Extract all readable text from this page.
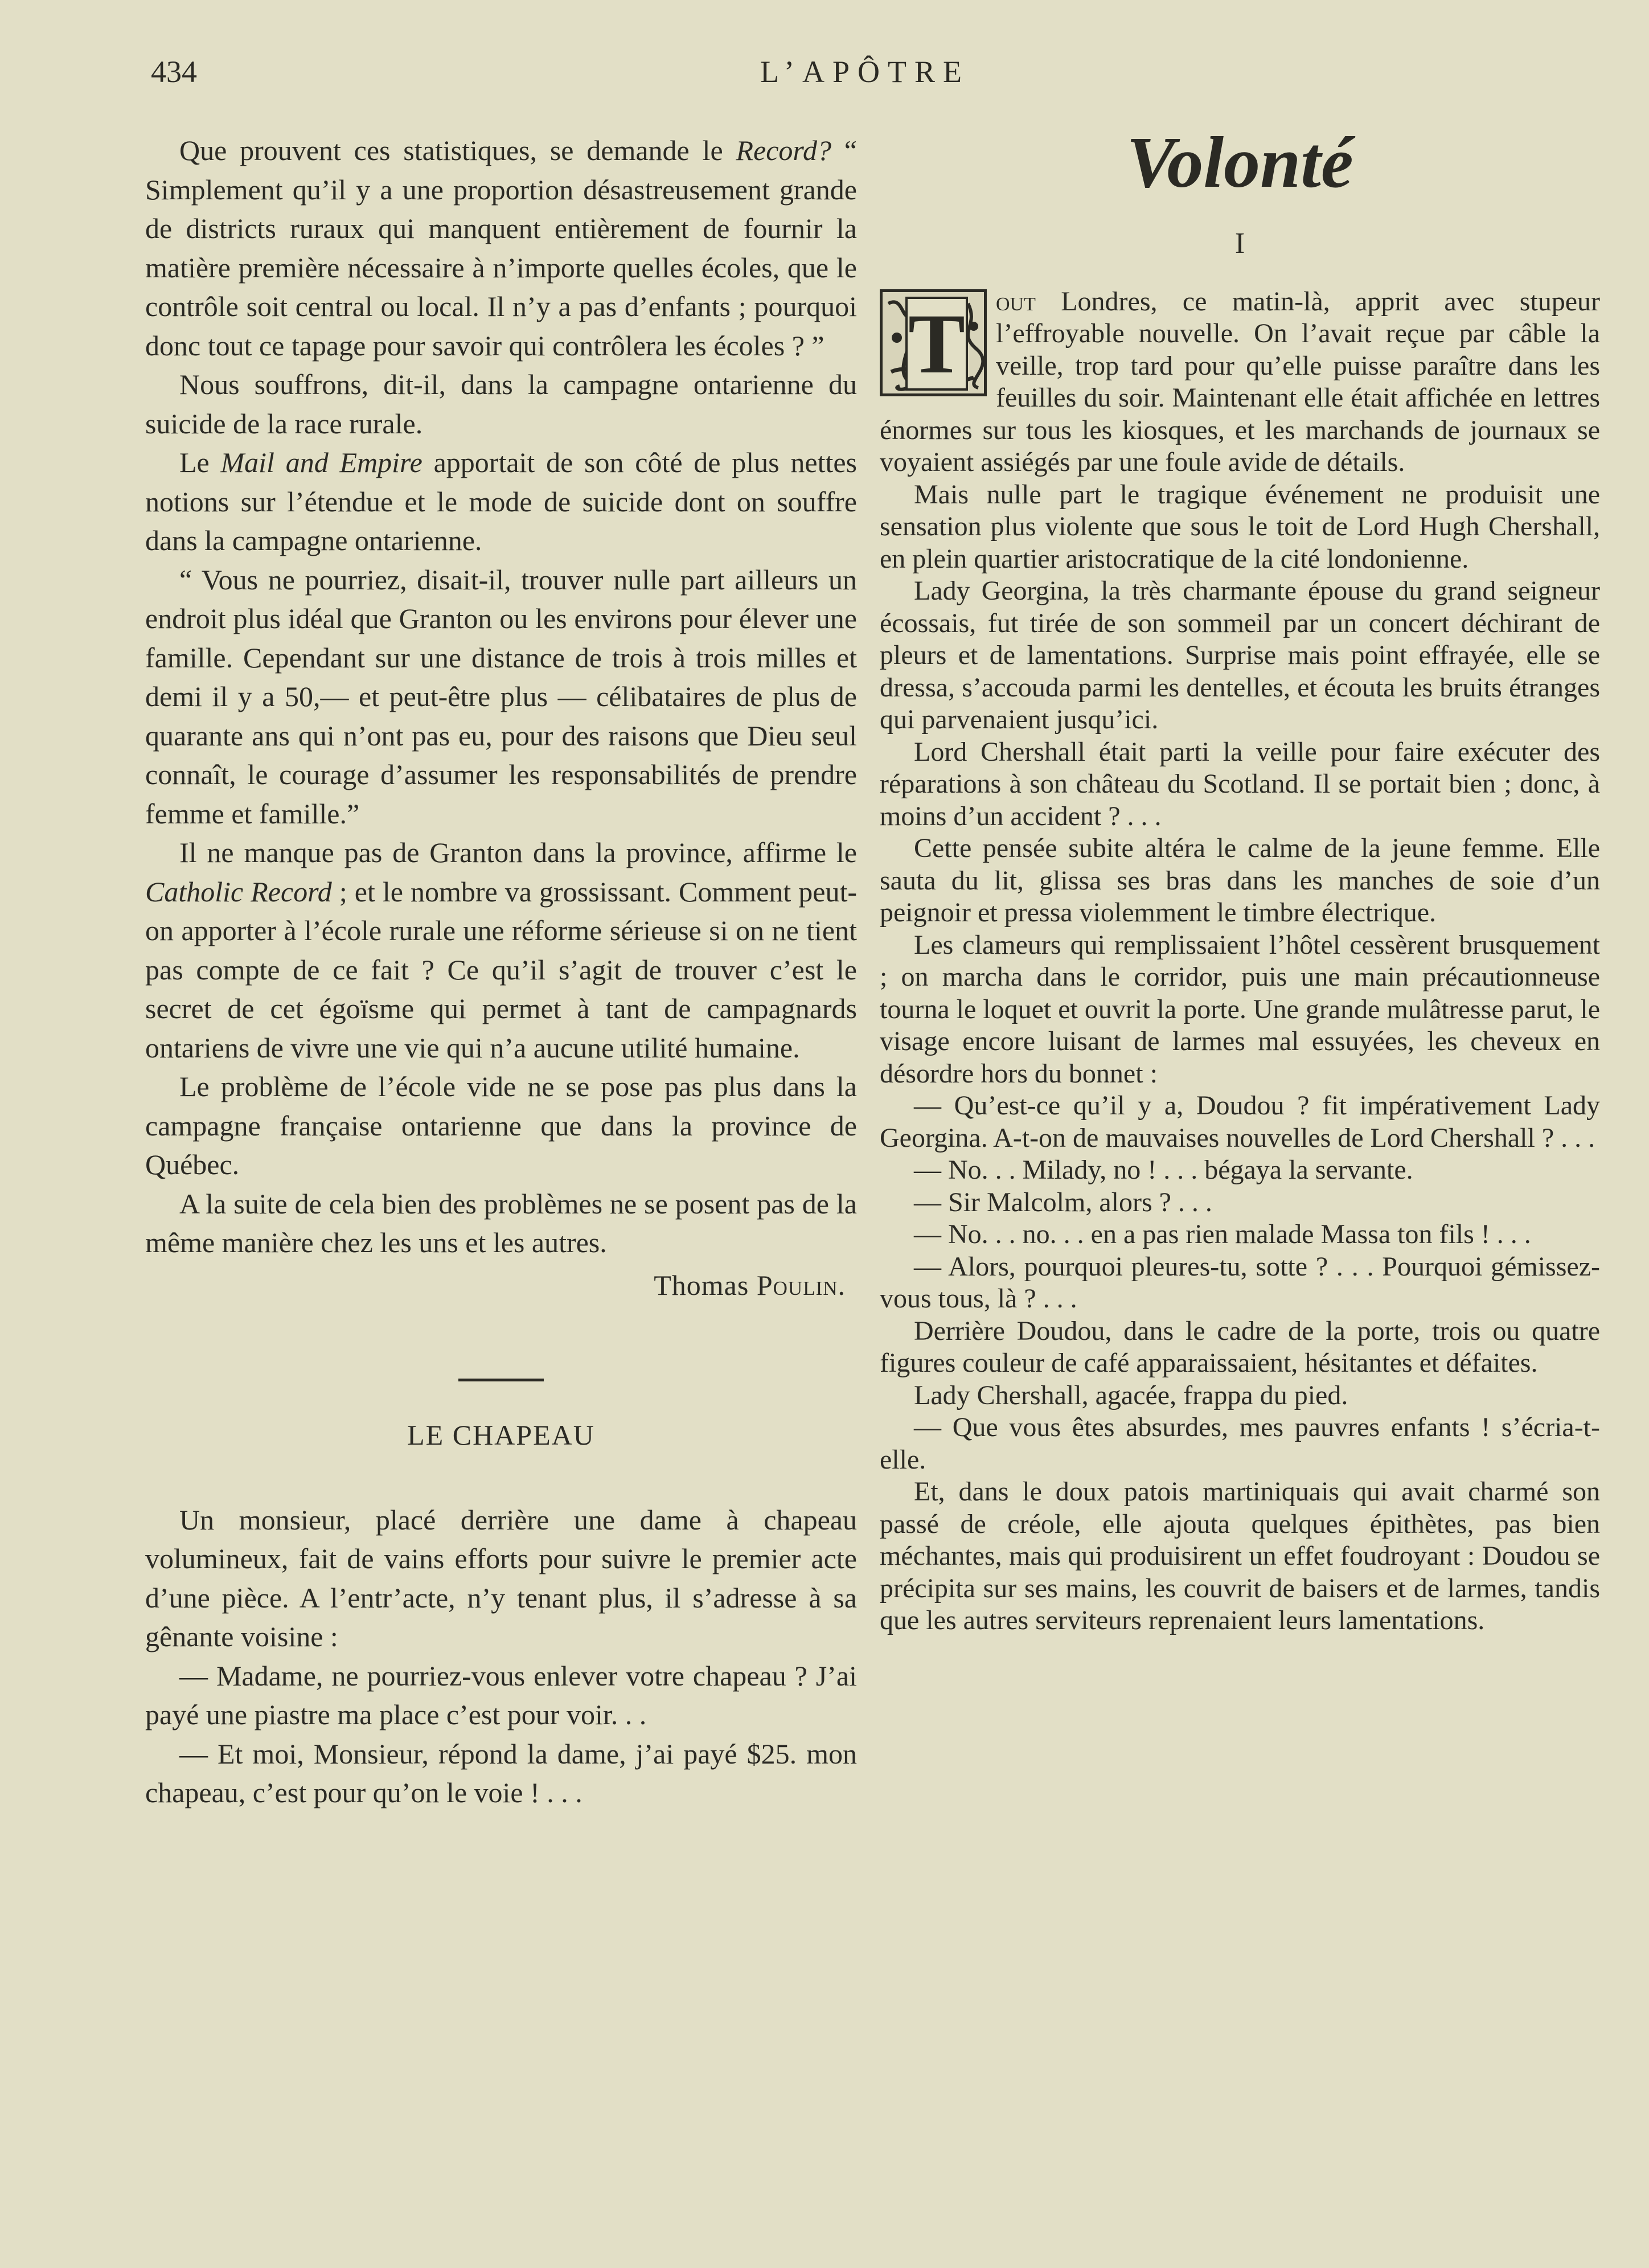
434	L’APÔTRE

Que prouvent ces statistiques, se demande le Record? “ Simplement qu’il y a une proportion désastreusement grande de districts ruraux qui manquent entièrement de fournir la matière première nécessaire à n’importe quelles écoles, que le contrôle soit central ou local. Il n’y a pas d’enfants ; pourquoi donc tout ce tapage pour savoir qui contrôlera les écoles ? ”

Nous souffrons, dit-il, dans la campagne ontarienne du suicide de la race rurale.

Le Mail and Empire apportait de son côté de plus nettes notions sur l’étendue et le mode de suicide dont on souffre dans la campagne ontarienne.

“ Vous ne pourriez, disait-il, trouver nulle part ailleurs un endroit plus idéal que Granton ou les environs pour élever une famille. Cependant sur une distance de trois à trois milles et demi il y a 50,— et peut-être plus — célibataires de plus de quarante ans qui n’ont pas eu, pour des raisons que Dieu seul connaît, le courage d’assumer les responsabilités de prendre femme et famille.”

Il ne manque pas de Granton dans la province, affirme le Catholic Record ; et le nombre va grossissant. Comment peut-on apporter à l’école rurale une réforme sérieuse si on ne tient pas compte de ce fait ? Ce qu’il s’agit de trouver c’est le secret de cet égoïsme qui permet à tant de campagnards ontariens de vivre une vie qui n’a aucune utilité humaine.

Le problème de l’école vide ne se pose pas plus dans la campagne française ontarienne que dans la province de Québec.

A la suite de cela bien des problèmes ne se posent pas de la même manière chez les uns et les autres.

Thomas Poulin.
LE CHAPEAU

Un monsieur, placé derrière une dame à chapeau volumineux, fait de vains efforts pour suivre le premier acte d’une pièce. A l’entr’acte, n’y tenant plus, il s’adresse à sa gênante voisine :

— Madame, ne pourriez-vous enlever votre chapeau ? J’ai payé une piastre ma place c’est pour voir. . .

— Et moi, Monsieur, répond la dame, j’ai payé $25. mon chapeau, c’est pour qu’on le voie ! . . .

Volonté
I

T out Londres, ce matin-là, apprit avec stupeur l’effroyable nouvelle. On l’avait reçue par câble la veille, trop tard pour qu’elle puisse paraître dans les feuilles du soir. Maintenant elle était affichée en lettres énormes sur tous les kiosques, et les marchands de journaux se voyaient assiégés par une foule avide de détails.

Mais nulle part le tragique événement ne produisit une sensation plus violente que sous le toit de Lord Hugh Chershall, en plein quartier aristocratique de la cité londonienne.

Lady Georgina, la très charmante épouse du grand seigneur écossais, fut tirée de son sommeil par un concert déchirant de pleurs et de lamentations. Surprise mais point effrayée, elle se dressa, s’accouda parmi les dentelles, et écouta les bruits étranges qui parvenaient jusqu’ici.

Lord Chershall était parti la veille pour faire exécuter des réparations à son château du Scotland. Il se portait bien ; donc, à moins d’un accident ? . . .

Cette pensée subite altéra le calme de la jeune femme. Elle sauta du lit, glissa ses bras dans les manches de soie d’un peignoir et pressa violemment le timbre électrique.

Les clameurs qui remplissaient l’hôtel cessèrent brusquement ; on marcha dans le corridor, puis une main précautionneuse tourna le loquet et ouvrit la porte. Une grande mulâtresse parut, le visage encore luisant de larmes mal essuyées, les cheveux en désordre hors du bonnet :

— Qu’est-ce qu’il y a, Doudou ? fit impérativement Lady Georgina. A-t-on de mauvaises nouvelles de Lord Chershall ? . . .

— No. . . Milady, no ! . . . bégaya la servante.

— Sir Malcolm, alors ? . . .

— No. . . no. . . en a pas rien malade Massa ton fils ! . . .

— Alors, pourquoi pleures-tu, sotte ? . . . Pourquoi gémissez-vous tous, là ? . . .

Derrière Doudou, dans le cadre de la porte, trois ou quatre figures couleur de café apparaissaient, hésitantes et défaites.

Lady Chershall, agacée, frappa du pied.

— Que vous êtes absurdes, mes pauvres enfants ! s’écria-t-elle.

Et, dans le doux patois martiniquais qui avait charmé son passé de créole, elle ajouta quelques épithètes, pas bien méchantes, mais qui produisirent un effet foudroyant : Doudou se précipita sur ses mains, les couvrit de baisers et de larmes, tandis que les autres serviteurs reprenaient leurs lamentations.
